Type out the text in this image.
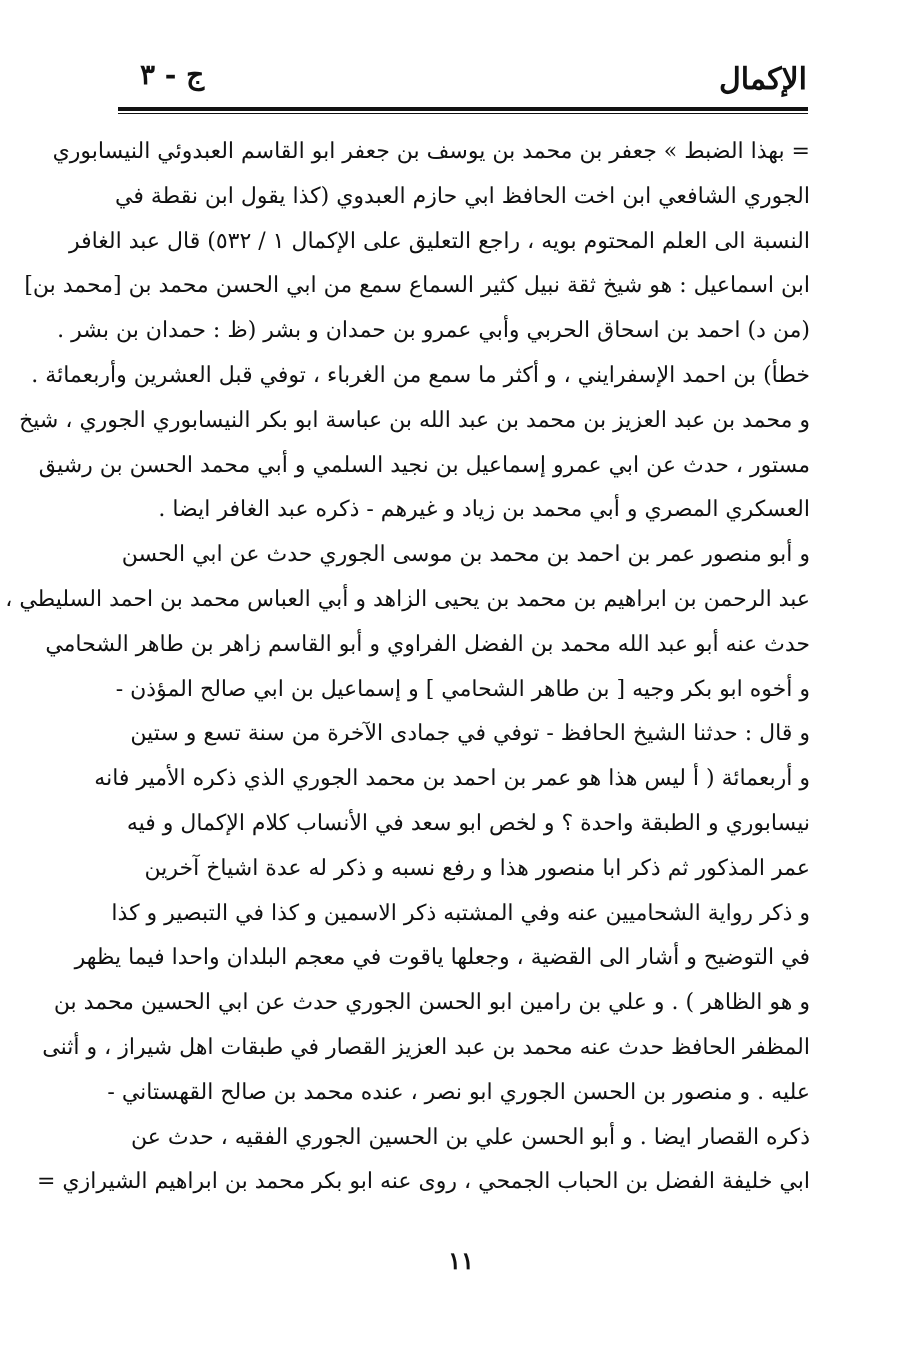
الإكمال
ج - ٣
= بهذا الضبط » جعفر بن محمد بن يوسف بن جعفر ابو القاسم العبدوئي النيسابوري
الجوري الشافعي ابن اخت الحافظ ابي حازم العبدوي (كذا يقول ابن نقطة في
النسبة الى العلم المحتوم بويه ، راجع التعليق على الإكمال ١ / ٥٣٢) قال عبد الغافر
ابن اسماعيل : هو شيخ ثقة نبيل كثير السماع سمع من ابي الحسن محمد بن [محمد بن]
(من د) احمد بن اسحاق الحربي وأبي عمرو بن حمدان و بشر (ظ : حمدان بن بشر .
خطأ) بن احمد الإسفرايني ، و أكثر ما سمع من الغرباء ، توفي قبل العشرين وأربعمائة .
و محمد بن عبد العزيز بن محمد بن عبد الله بن عباسة ابو بكر النيسابوري الجوري ، شيخ
مستور ، حدث عن ابي عمرو إسماعيل بن نجيد السلمي و أبي محمد الحسن بن رشيق
العسكري المصري و أبي محمد بن زياد و غيرهم - ذكره عبد الغافر ايضا .
و أبو منصور عمر بن احمد بن محمد بن موسى الجوري حدث عن ابي الحسن
عبد الرحمن بن ابراهيم بن محمد بن يحيى الزاهد و أبي العباس محمد بن احمد السليطي ،
حدث عنه أبو عبد الله محمد بن الفضل الفراوي و أبو القاسم زاهر بن طاهر الشحامي
و أخوه ابو بكر وجيه [ بن طاهر الشحامي ] و إسماعيل بن ابي صالح المؤذن -
و قال : حدثنا الشيخ الحافظ - توفي في جمادى الآخرة من سنة تسع و ستين
و أربعمائة ( أ ليس هذا هو عمر بن احمد بن محمد الجوري الذي ذكره الأمير فانه
نيسابوري و الطبقة واحدة ؟ و لخص ابو سعد في الأنساب كلام الإكمال و فيه
عمر المذكور ثم ذكر ابا منصور هذا و رفع نسبه و ذكر له عدة اشياخ آخرين
و ذكر رواية الشحاميين عنه وفي المشتبه ذكر الاسمين و كذا في التبصير و كذا
في التوضيح و أشار الى القضية ، وجعلها ياقوت في معجم البلدان واحدا فيما يظهر
و هو الظاهر ) . و علي بن رامين ابو الحسن الجوري حدث عن ابي الحسين محمد بن
المظفر الحافظ حدث عنه محمد بن عبد العزيز القصار في طبقات اهل شيراز ، و أثنى
عليه . و منصور بن الحسن الجوري ابو نصر ، عنده محمد بن صالح القهستاني -
ذكره القصار ايضا . و أبو الحسن علي بن الحسين الجوري الفقيه ، حدث عن
ابي خليفة الفضل بن الحباب الجمحي ، روى عنه ابو بكر محمد بن ابراهيم الشيرازي =
١١
